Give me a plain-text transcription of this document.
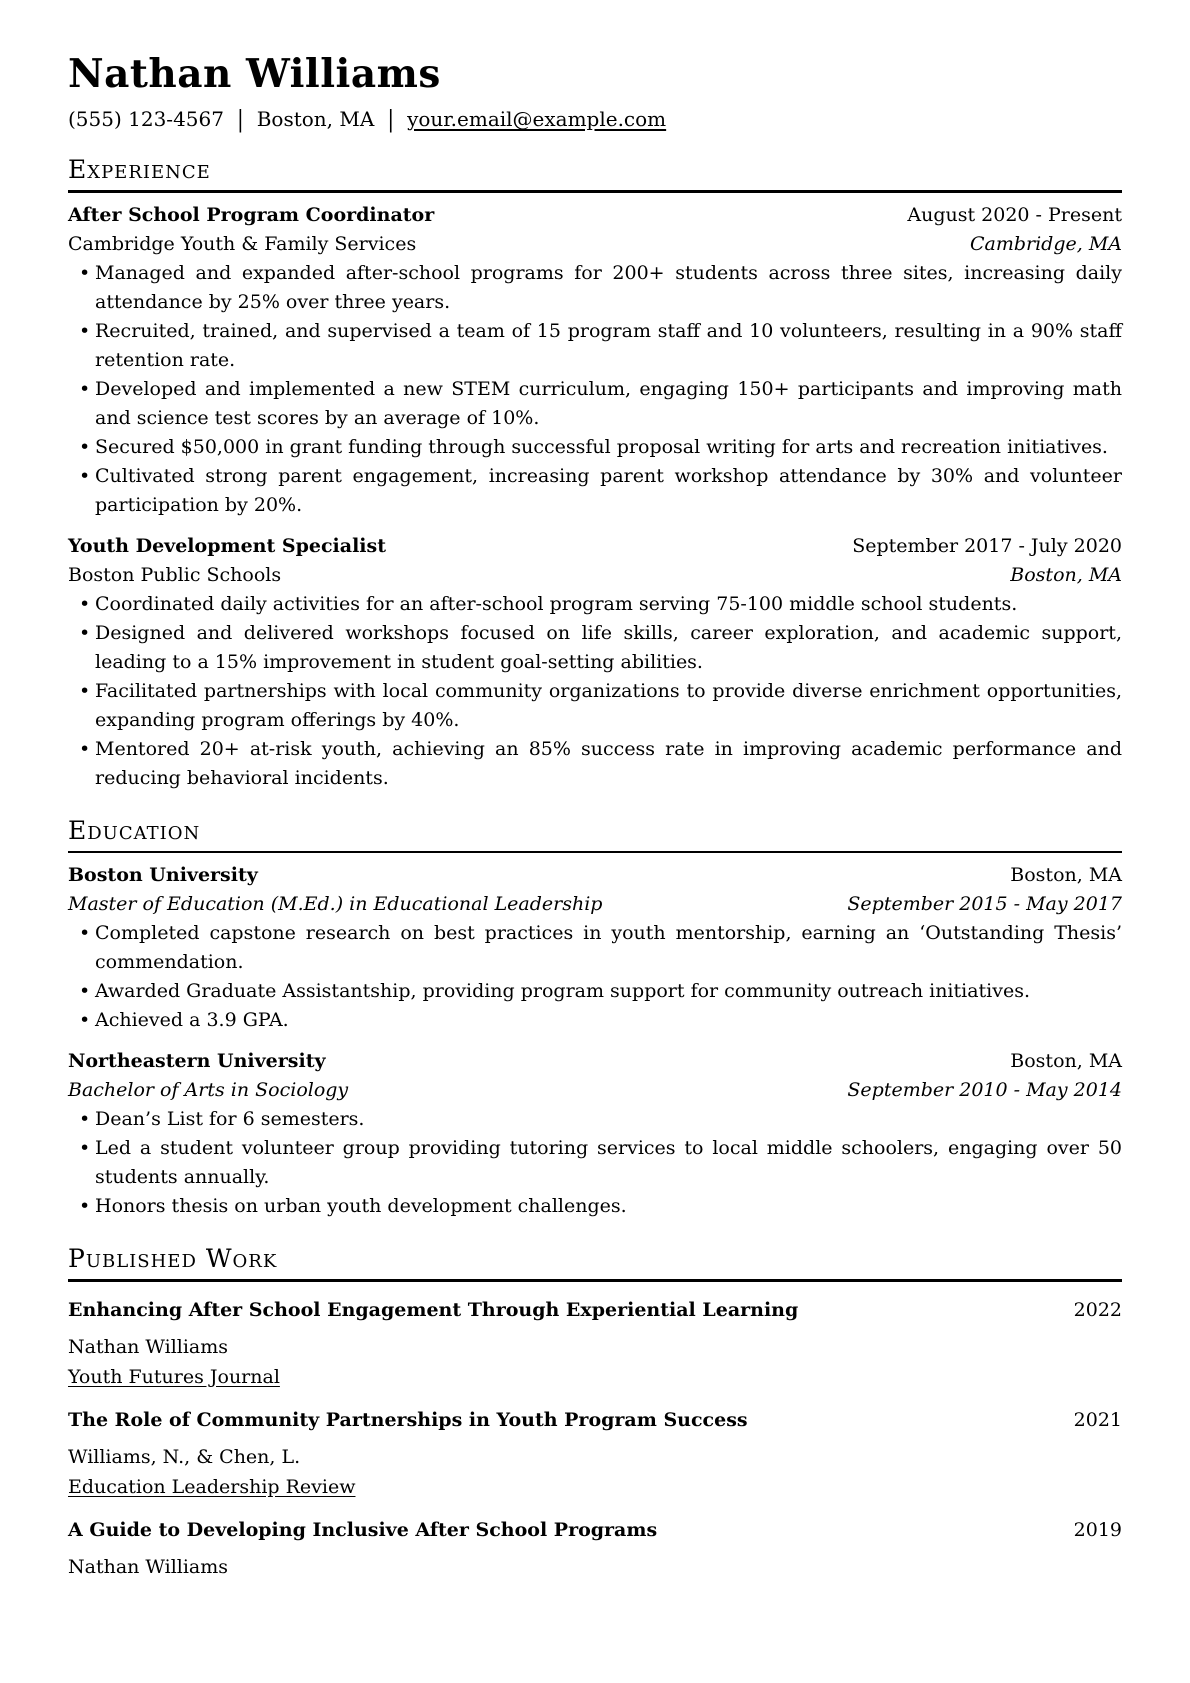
Nathan Williams
(555) 123-4567 | Boston, MA | your.email@example.com
Experience
After School Program Coordinator	August 2020 - Present
Cambridge Youth & Family Services	Cambridge, MA
• Managed and expanded after-school programs for 200+ students across three sites, increasing daily attendance by 25% over three years.
• Recruited, trained, and supervised a team of 15 program staff and 10 volunteers, resulting in a 90% staff retention rate.
• Developed and implemented a new STEM curriculum, engaging 150+ participants and improving math and science test scores by an average of 10%.
• Secured $50,000 in grant funding through successful proposal writing for arts and recreation initiatives.
• Cultivated strong parent engagement, increasing parent workshop attendance by 30% and volunteer participation by 20%.
Youth Development Specialist	September 2017 - July 2020
Boston Public Schools	Boston, MA
• Coordinated daily activities for an after-school program serving 75-100 middle school students.
• Designed and delivered workshops focused on life skills, career exploration, and academic support, leading to a 15% improvement in student goal-setting abilities.
• Facilitated partnerships with local community organizations to provide diverse enrichment opportunities, expanding program offerings by 40%.
• Mentored 20+ at-risk youth, achieving an 85% success rate in improving academic performance and reducing behavioral incidents.
Education
Boston University	Boston, MA
Master of Education (M.Ed.) in Educational Leadership	September 2015 - May 2017
• Completed capstone research on best practices in youth mentorship, earning an ‘Outstanding Thesis’ commendation.
• Awarded Graduate Assistantship, providing program support for community outreach initiatives.
• Achieved a 3.9 GPA.
Northeastern University	Boston, MA
Bachelor of Arts in Sociology	September 2010 - May 2014
• Dean’s List for 6 semesters.
• Led a student volunteer group providing tutoring services to local middle schoolers, engaging over 50 students annually.
• Honors thesis on urban youth development challenges.
Published Work
Enhancing After School Engagement Through Experiential Learning	2022
Nathan Williams
Youth Futures Journal
The Role of Community Partnerships in Youth Program Success	2021
Williams, N., & Chen, L.
Education Leadership Review
A Guide to Developing Inclusive After School Programs	2019
Nathan Williams
